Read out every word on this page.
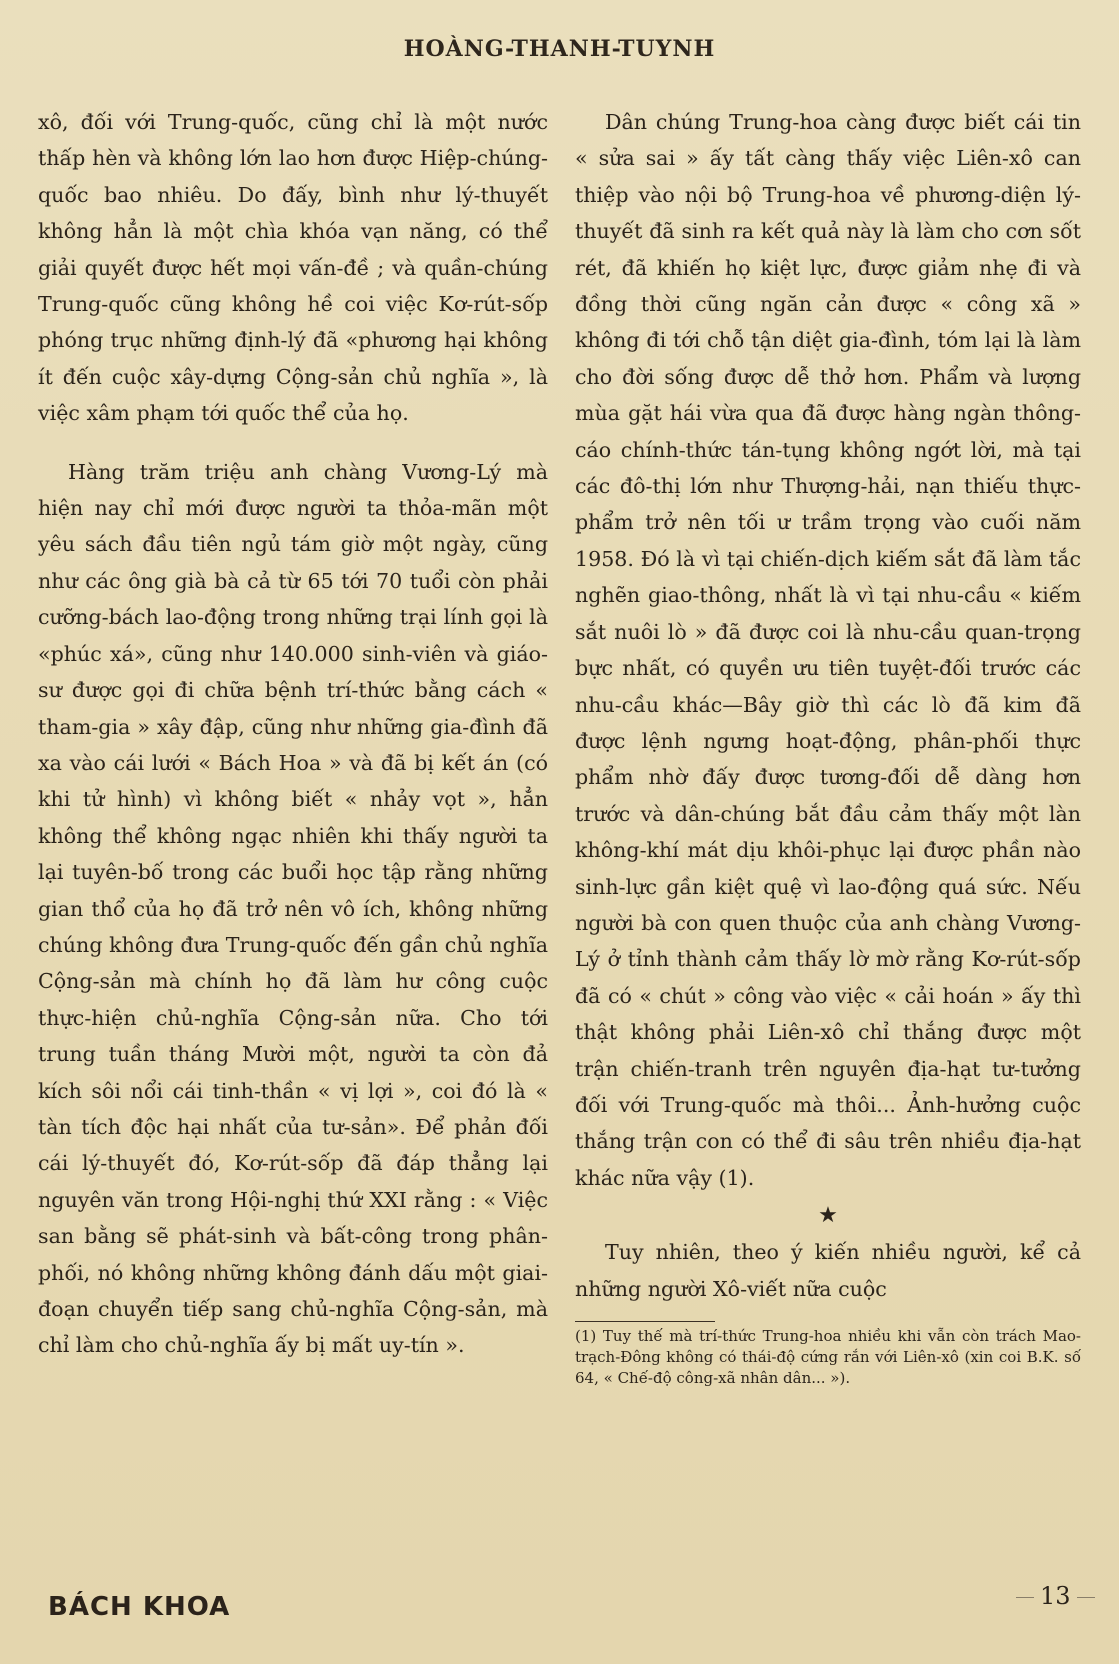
HOÀNG-THANH-TUYNH

xô, đối với Trung-quốc, cũng chỉ là một nước thấp hèn và không lớn lao hơn được Hiệp-chúng-quốc bao nhiêu. Do đấy, bình như lý-thuyết không hẳn là một chìa khóa vạn năng, có thể giải quyết được hết mọi vấn-đề ; và quần-chúng Trung-quốc cũng không hề coi việc Kơ-rút-sốp phóng trục những định-lý đã «phương hại không ít đến cuộc xây-dựng Cộng-sản chủ nghĩa », là việc xâm phạm tới quốc thể của họ.

Hàng trăm triệu anh chàng Vương-Lý mà hiện nay chỉ mới được người ta thỏa-mãn một yêu sách đầu tiên ngủ tám giờ một ngày, cũng như các ông già bà cả từ 65 tới 70 tuổi còn phải cưỡng-bách lao-động trong những trại lính gọi là «phúc xá», cũng như 140.000 sinh-viên và giáo-sư được gọi đi chữa bệnh trí-thức bằng cách « tham-gia » xây đập, cũng như những gia-đình đã xa vào cái lưới « Bách Hoa » và đã bị kết án (có khi tử hình) vì không biết « nhảy vọt », hẳn không thể không ngạc nhiên khi thấy người ta lại tuyên-bố trong các buổi học tập rằng những gian thổ của họ đã trở nên vô ích, không những chúng không đưa Trung-quốc đến gần chủ nghĩa Cộng-sản mà chính họ đã làm hư công cuộc thực-hiện chủ-nghĩa Cộng-sản nữa. Cho tới trung tuần tháng Mười một, người ta còn đả kích sôi nổi cái tinh-thần « vị lợi », coi đó là « tàn tích độc hại nhất của tư-sản». Để phản đối cái lý-thuyết đó, Kơ-rút-sốp đã đáp thẳng lại nguyên văn trong Hội-nghị thứ XXI rằng : « Việc san bằng sẽ phát-sinh và bất-công trong phân-phối, nó không những không đánh dấu một giai-đoạn chuyển tiếp sang chủ-nghĩa Cộng-sản, mà chỉ làm cho chủ-nghĩa ấy bị mất uy-tín ».

Dân chúng Trung-hoa càng được biết cái tin « sửa sai » ấy tất càng thấy việc Liên-xô can thiệp vào nội bộ Trung-hoa về phương-diện lý-thuyết đã sinh ra kết quả này là làm cho cơn sốt rét, đã khiến họ kiệt lực, được giảm nhẹ đi và đồng thời cũng ngăn cản được « công xã » không đi tới chỗ tận diệt gia-đình, tóm lại là làm cho đời sống được dễ thở hơn. Phẩm và lượng mùa gặt hái vừa qua đã được hàng ngàn thông-cáo chính-thức tán-tụng không ngớt lời, mà tại các đô-thị lớn như Thượng-hải, nạn thiếu thực-phẩm trở nên tối ư trầm trọng vào cuối năm 1958. Đó là vì tại chiến-dịch kiếm sắt đã làm tắc nghẽn giao-thông, nhất là vì tại nhu-cầu « kiếm sắt nuôi lò » đã được coi là nhu-cầu quan-trọng bực nhất, có quyền ưu tiên tuyệt-đối trước các nhu-cầu khác—Bây giờ thì các lò đã kim đã được lệnh ngưng hoạt-động, phân-phối thực phẩm nhờ đấy được tương-đối dễ dàng hơn trước và dân-chúng bắt đầu cảm thấy một làn không-khí mát dịu khôi-phục lại được phần nào sinh-lực gần kiệt quệ vì lao-động quá sức. Nếu người bà con quen thuộc của anh chàng Vương-Lý ở tỉnh thành cảm thấy lờ mờ rằng Kơ-rút-sốp đã có « chút » công vào việc « cải hoán » ấy thì thật không phải Liên-xô chỉ thắng được một trận chiến-tranh trên nguyên địa-hạt tư-tưởng đối với Trung-quốc mà thôi... Ảnh-hưởng cuộc thắng trận con có thể đi sâu trên nhiều địa-hạt khác nữa vậy (1).

★

Tuy nhiên, theo ý kiến nhiều người, kể cả những người Xô-viết nữa cuộc

(1) Tuy thế mà trí-thức Trung-hoa nhiều khi vẫn còn trách Mao-trạch-Đông không có thái-độ cứng rắn với Liên-xô (xin coi B.K. số 64, « Chế-độ công-xã nhân dân... »).

BÁCH KHOA	13
